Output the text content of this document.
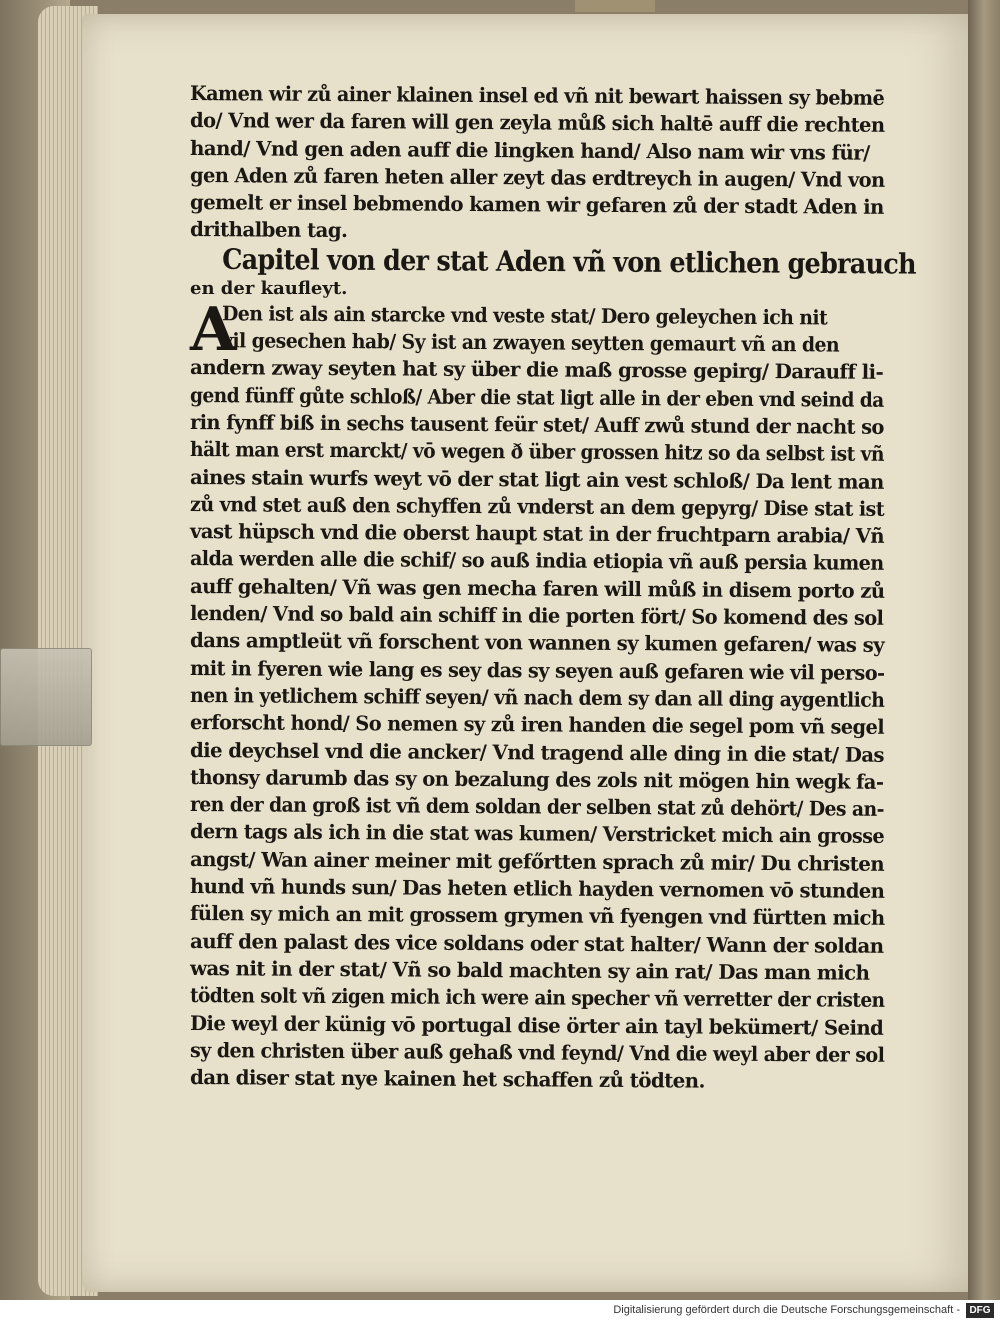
Kamen wir zů ainer klainen insel ed vñ nit bewart haissen sy bebmē
do/ Vnd wer da faren will gen zeyla můß sich haltē auff die rechten
hand/ Vnd gen aden auff die lingken hand/ Also nam wir vns für/
gen Aden zů faren heten aller zeyt das erdtreych in augen/ Vnd von
gemelt er insel bebmendo kamen wir gefaren zů der stadt Aden in
drithalben tag.
Capitel von der stat Aden vñ von etlichen gebrauch
en der kaufleyt.
A
Den ist als ain starcke vnd veste stat/ Dero geleychen ich nit
vil gesechen hab/ Sy ist an zwayen seytten gemaurt vñ an den
andern zway seyten hat sy über die maß grosse gepirg/ Darauff li-
gend fünff gůte schloß/ Aber die stat ligt alle in der eben vnd seind da
rin fynff biß in sechs tausent feür stet/ Auff zwů stund der nacht so
hält man erst marckt/ vō wegen ð über grossen hitz so da selbst ist vñ
aines stain wurfs weyt vō der stat ligt ain vest schloß/ Da lent man
zů vnd stet auß den schyffen zů vnderst an dem gepyrg/ Dise stat ist
vast hüpsch vnd die oberst haupt stat in der fruchtparn arabia/ Vñ
alda werden alle die schif/ so auß india etiopia vñ auß persia kumen
auff gehalten/ Vñ was gen mecha faren will můß in disem porto zů
lenden/ Vnd so bald ain schiff in die porten fört/ So komend des sol
dans amptleüt vñ forschent von wannen sy kumen gefaren/ was sy
mit in fyeren wie lang es sey das sy seyen auß gefaren wie vil perso-
nen in yetlichem schiff seyen/ vñ nach dem sy dan all ding aygentlich
erforscht hond/ So nemen sy zů iren handen die segel pom vñ segel
die deychsel vnd die ancker/ Vnd tragend alle ding in die stat/ Das
thonsy darumb das sy on bezalung des zols nit mögen hin wegk fa-
ren der dan groß ist vñ dem soldan der selben stat zů dehört/ Des an-
dern tags als ich in die stat was kumen/ Verstricket mich ain grosse
angst/ Wan ainer meiner mit gefőrtten sprach zů mir/ Du christen
hund vñ hunds sun/ Das heten etlich hayden vernomen vō stunden
fülen sy mich an mit grossem grymen vñ fyengen vnd fürtten mich
auff den palast des vice soldans oder stat halter/ Wann der soldan
was nit in der stat/ Vñ so bald machten sy ain rat/ Das man mich
tödten solt vñ zigen mich ich were ain specher vñ verretter der cristen
Die weyl der künig vō portugal dise örter ain tayl bekümert/ Seind
sy den christen über auß gehaß vnd feynd/ Vnd die weyl aber der sol
dan diser stat nye kainen het schaffen zů tödten.
Digitalisierung gefördert durch die Deutsche Forschungsgemeinschaft - DFG
